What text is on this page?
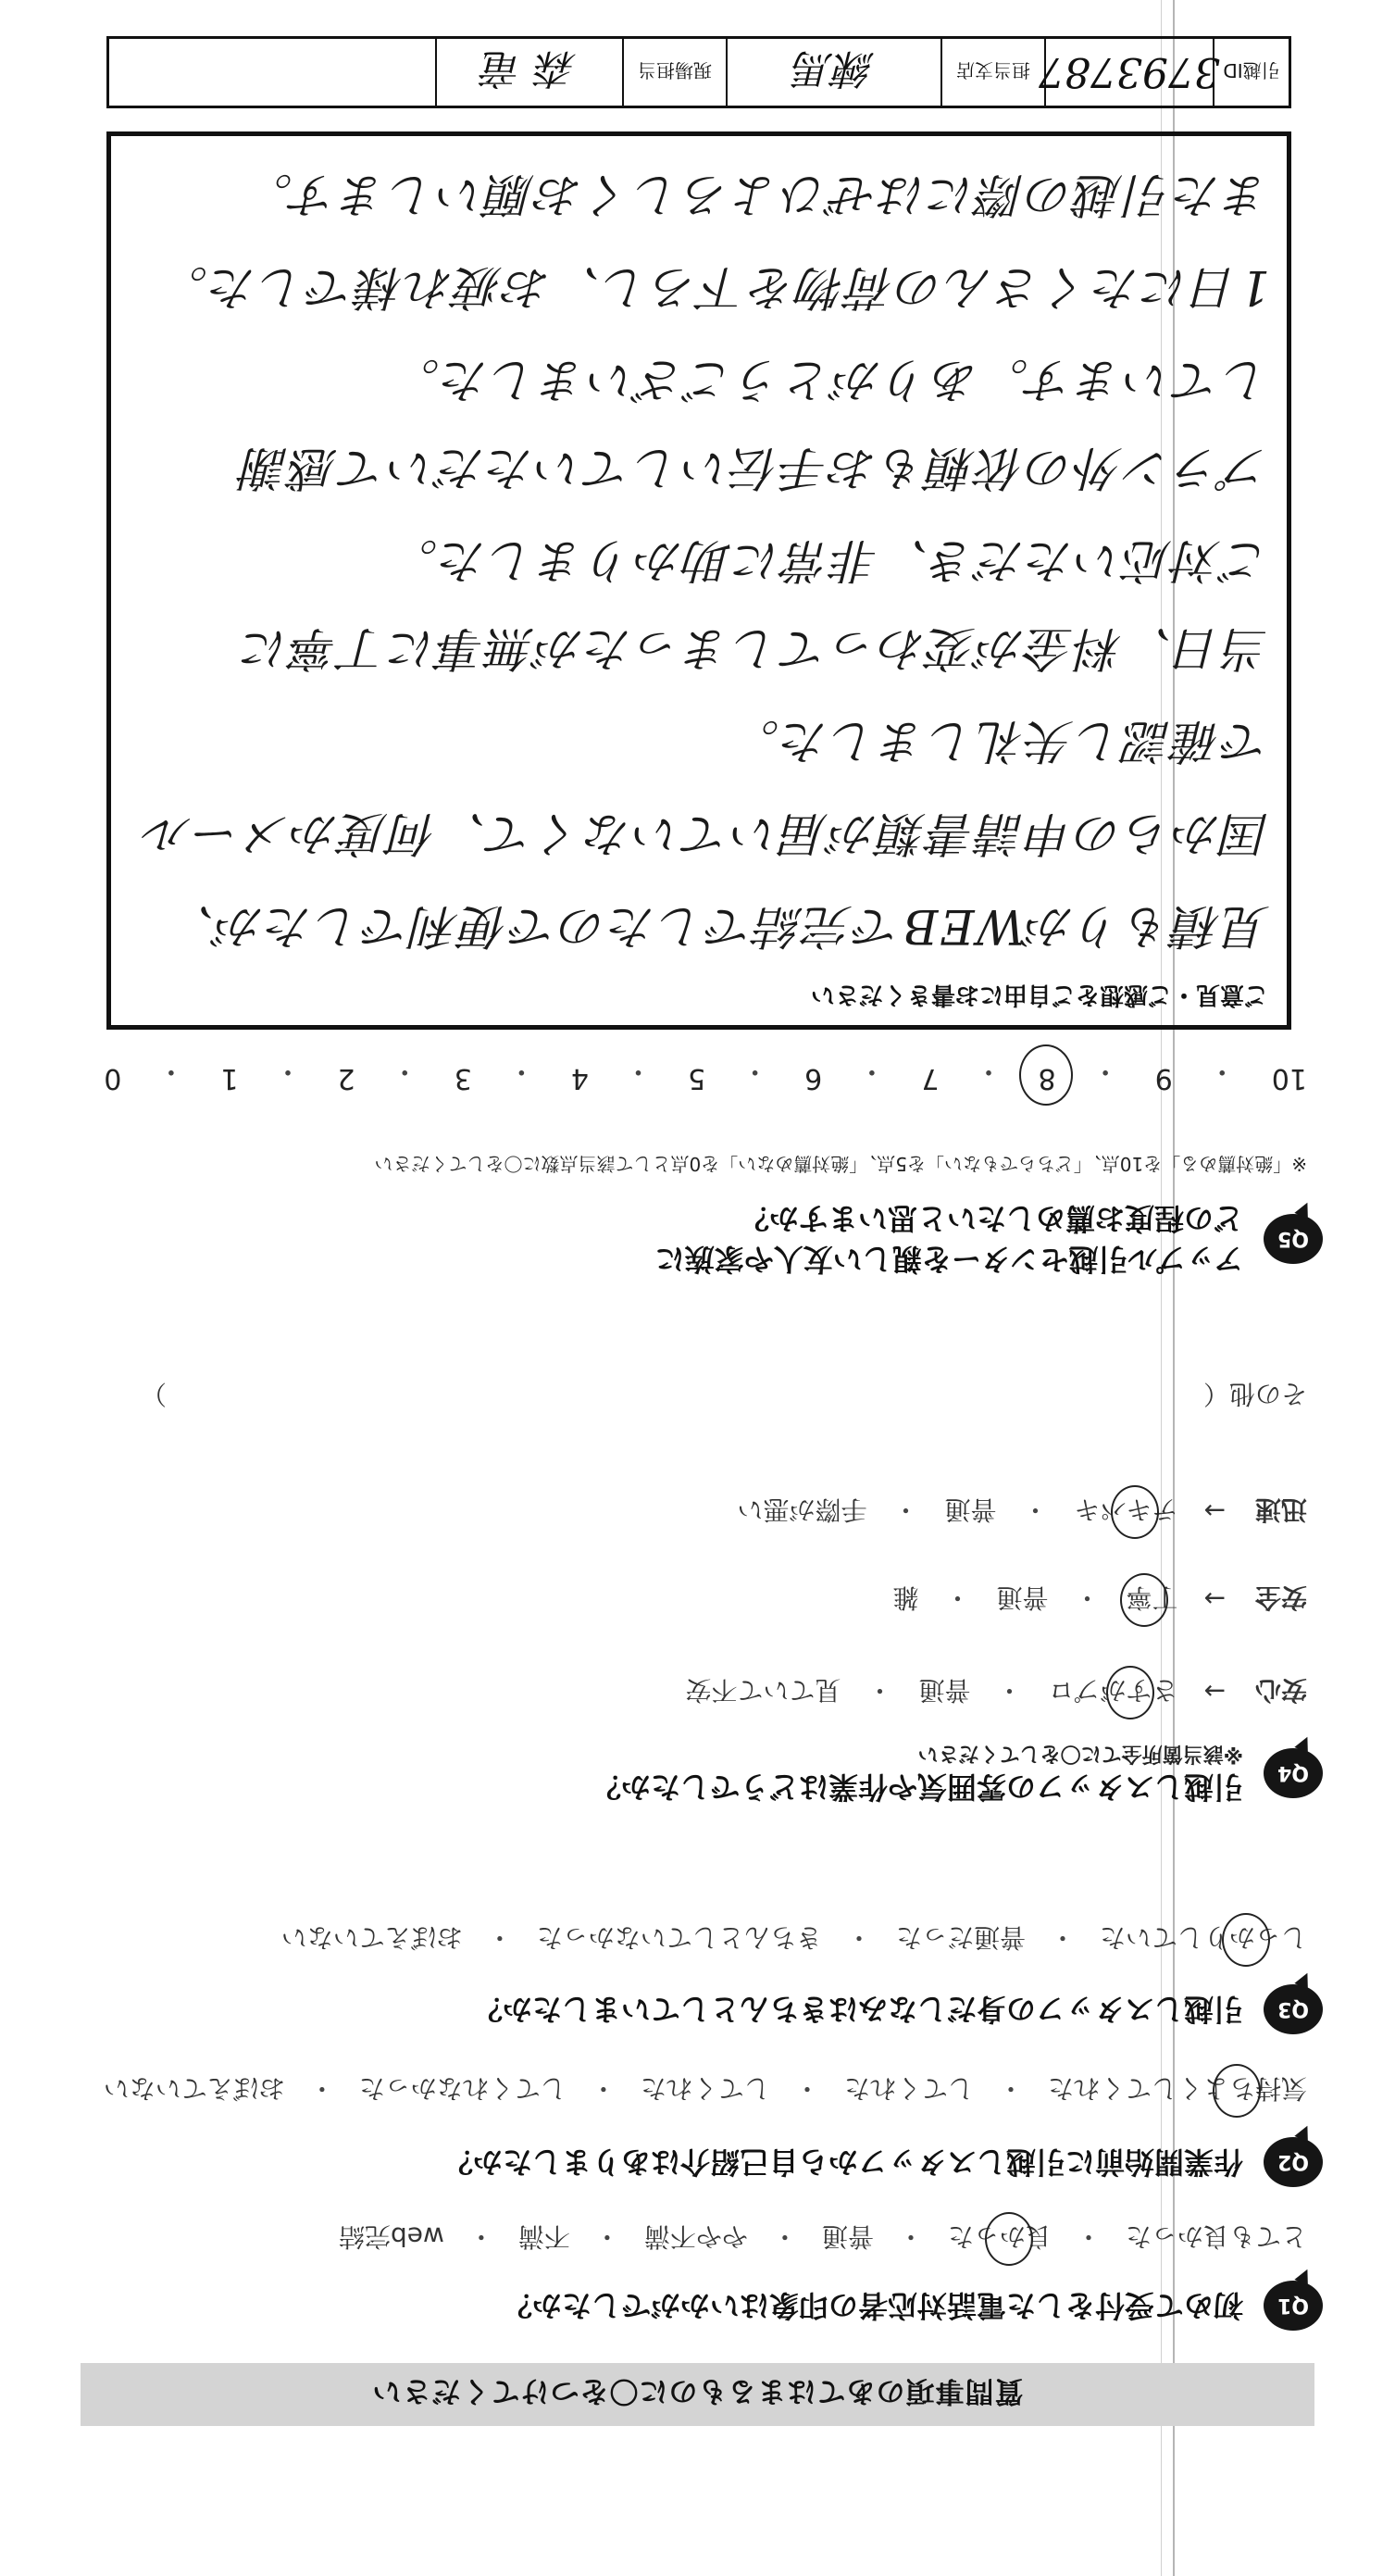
質問事項のあてはまるものに〇をつけてください
Q1
初めて受付をした電話対応者の印象はいかがでしたか？
とても良かった
・
良かった
・
普通
・
やや不満
・
不満
・
web完結
Q2
作業開始前に引越しスタッフから自己紹介はありましたか？
気持ちよくしてくれた
・
してくれた
・
してくれた
・
してくれなかった
・
おぼえていない
Q3
引越しスタッフの身だしなみはきちんとしていましたか？
しっかりしていた
・
普通だった
・
きちんとしていなかった
・
おぼえていない
Q4
引越しスタッフの雰囲気や作業はどうでしたか？
※該当箇所全てに〇をしてください
安心
→
さすがプロ
・
普通
・
見ていて不安
安全
→
丁寧
・
普通
・
雑
迅速
→
テキパキ
・
普通
・
手際が悪い
その他（
）
Q5
アップル引越センターを親しい友人や家族に
どの程度お薦めしたいと思いますか？
※「絶対薦める」を10点、「どちらでもない」を5点、「絶対薦めない」を0点として該当点数に〇をしてください
10
・
9
・
8
・
7
・
6
・
5
・
4
・
3
・
2
・
1
・
0
ご意見・ご感想をご自由にお書きください
見積もりがWEBで完結でしたので便利でしたが、
国からの申請書類が届いていなくて、何度かメール
で確認し失礼しました。
当日、料金が変わってしまったが無事に丁寧に
ご対応いただき、非常に助かりました。
プラン外の依頼もお手伝いしていただいて感謝
しています。ありがとうございました。
1日にたくさんの荷物を下ろし、お疲れ様でした。
また引越の際にはぜひよろしくお願いします。
引越ID
3793787
担当支店
練馬
現場担当
森 竜
